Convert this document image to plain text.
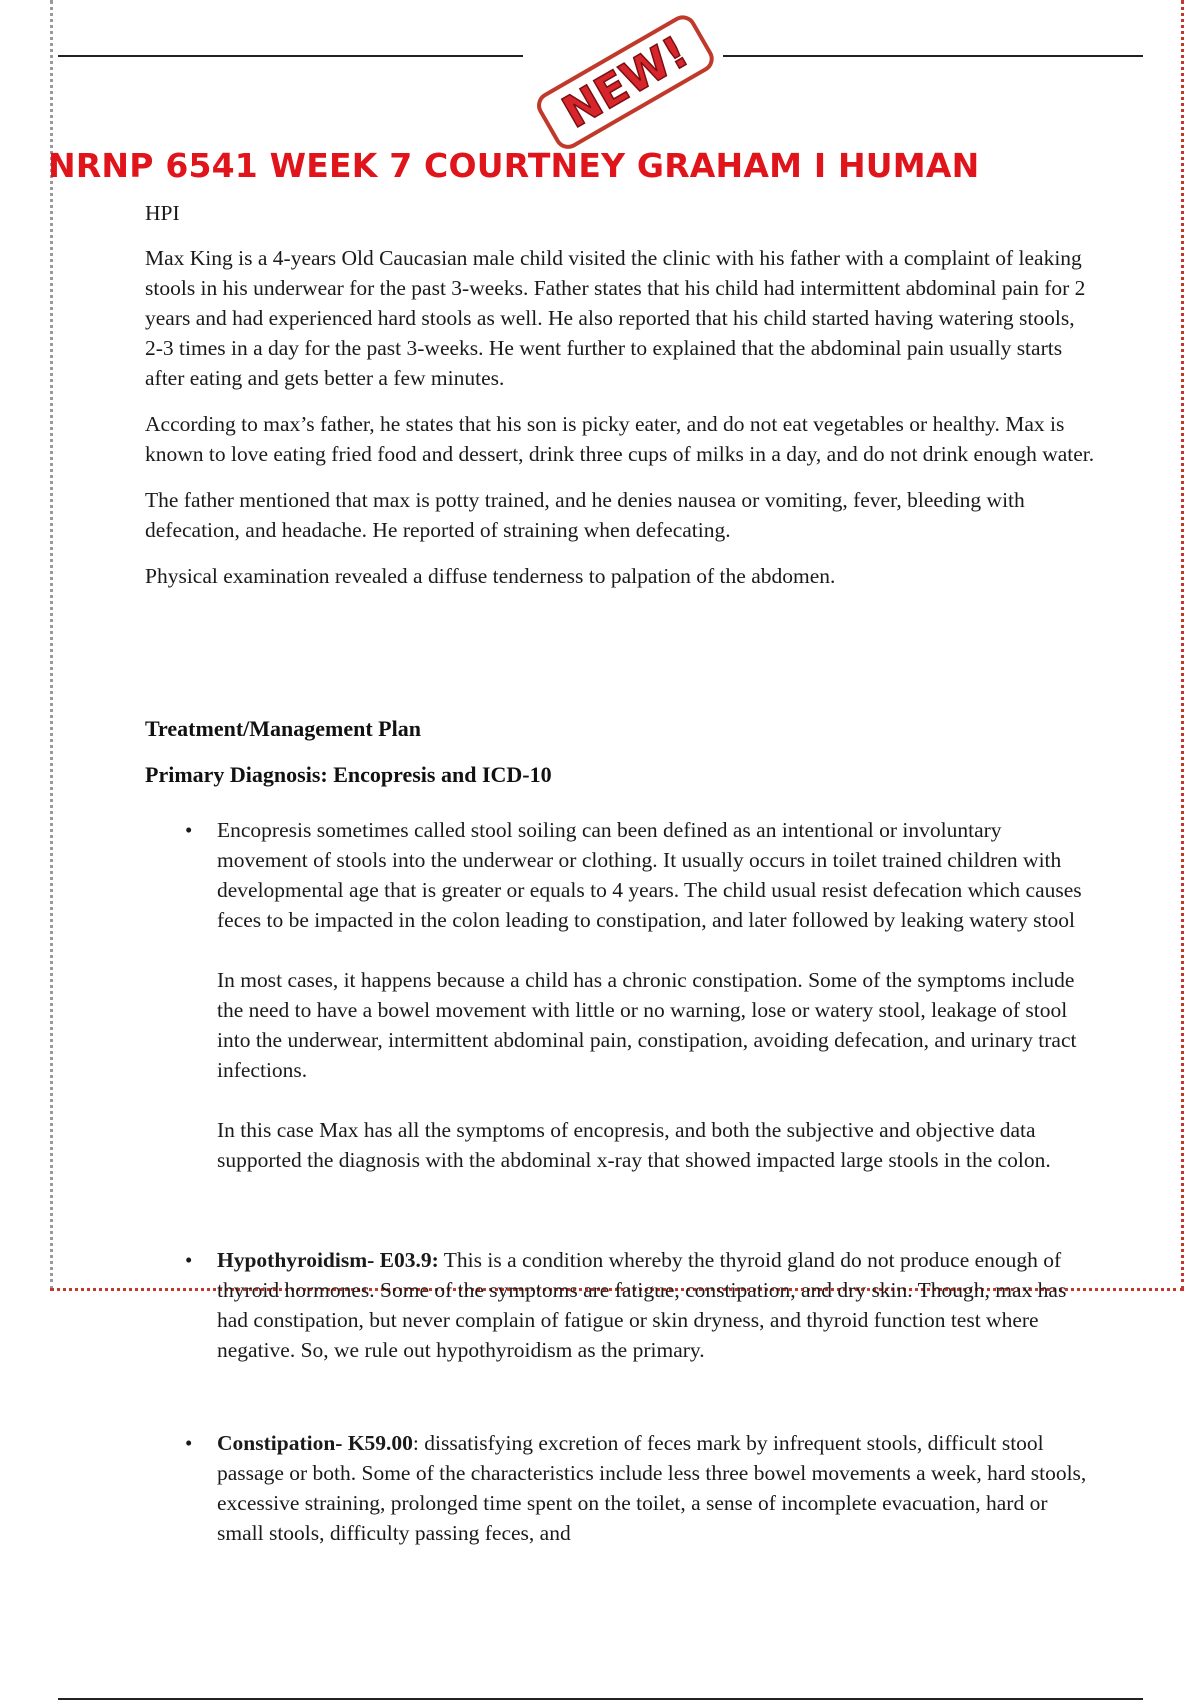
NEW!
NRNP 6541 WEEK 7 COURTNEY GRAHAM I HUMAN

HPI

Max King is a 4-years Old Caucasian male child visited the clinic with his father with a complaint of leaking stools in his underwear for the past 3-weeks. Father states that his child had intermittent abdominal pain for 2 years and had experienced hard stools as well. He also reported that his child started having watering stools, 2-3 times in a day for the past 3-weeks. He went further to explained that the abdominal pain usually starts after eating and gets better a few minutes.

According to max’s father, he states that his son is picky eater, and do not eat vegetables or healthy. Max is known to love eating fried food and dessert, drink three cups of milks in a day, and do not drink enough water.

The father mentioned that max is potty trained, and he denies nausea or vomiting, fever, bleeding with defecation, and headache. He reported of straining when defecating.

Physical examination revealed a diffuse tenderness to palpation of the abdomen.

Treatment/Management Plan

Primary Diagnosis: Encopresis and ICD-10

• Encopresis sometimes called stool soiling can been defined as an intentional or involuntary movement of stools into the underwear or clothing. It usually occurs in toilet trained children with developmental age that is greater or equals to 4 years. The child usual resist defecation which causes feces to be impacted in the colon leading to constipation, and later followed by leaking watery stool

In most cases, it happens because a child has a chronic constipation. Some of the symptoms include the need to have a bowel movement with little or no warning, lose or watery stool, leakage of stool into the underwear, intermittent abdominal pain, constipation, avoiding defecation, and urinary tract infections.

In this case Max has all the symptoms of encopresis, and both the subjective and objective data supported the diagnosis with the abdominal x-ray that showed impacted large stools in the colon.

• Hypothyroidism- E03.9: This is a condition whereby the thyroid gland do not produce enough of thyroid hormones. Some of the symptoms are fatigue, constipation, and dry skin. Though, max has had constipation, but never complain of fatigue or skin dryness, and thyroid function test where negative. So, we rule out hypothyroidism as the primary.

• Constipation- K59.00: dissatisfying excretion of feces mark by infrequent stools, difficult stool passage or both. Some of the characteristics include less three bowel movements a week, hard stools, excessive straining, prolonged time spent on the toilet, a sense of incomplete evacuation, hard or small stools, difficulty passing feces, and
